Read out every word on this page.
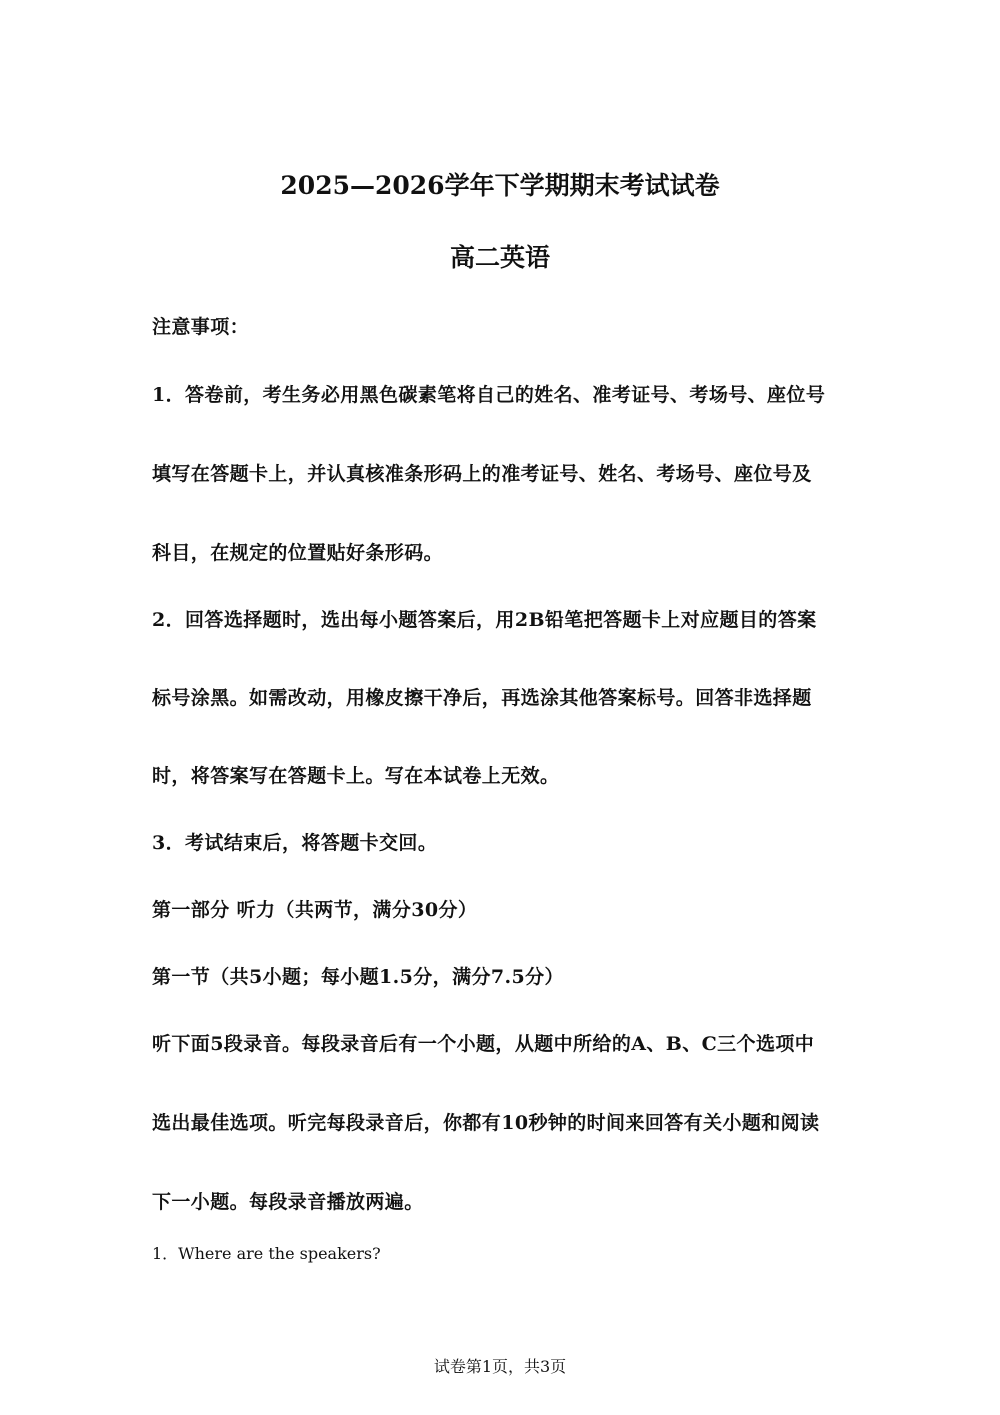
2025—2026学年下学期期末考试试卷
高二英语
注意事项：
1．答卷前，考生务必用黑色碳素笔将自己的姓名、准考证号、考场号、座位号
填写在答题卡上，并认真核准条形码上的准考证号、姓名、考场号、座位号及
科目，在规定的位置贴好条形码。
2．回答选择题时，选出每小题答案后，用2B铅笔把答题卡上对应题目的答案
标号涂黑。如需改动，用橡皮擦干净后，再选涂其他答案标号。回答非选择题
时，将答案写在答题卡上。写在本试卷上无效。
3．考试结束后，将答题卡交回。
第一部分 听力（共两节，满分30分）
第一节（共5小题；每小题1.5分，满分7.5分）
听下面5段录音。每段录音后有一个小题，从题中所给的A、B、C三个选项中
选出最佳选项。听完每段录音后，你都有10秒钟的时间来回答有关小题和阅读
下一小题。每段录音播放两遍。
1．Where are the speakers?
试卷第1页，共3页
